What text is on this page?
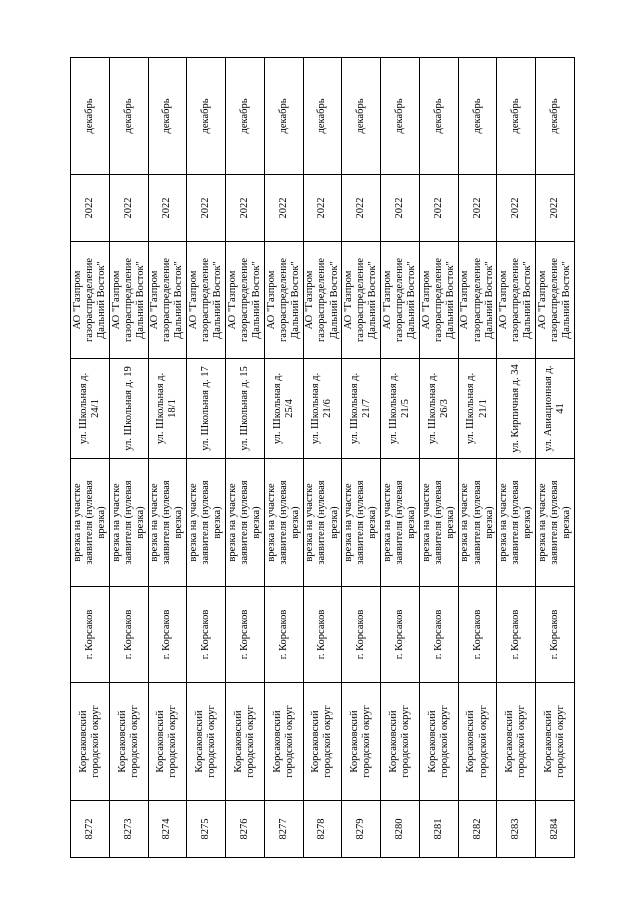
8272	Корсаковский городской округ	г. Корсаков	врезка на участке заявителя (нулевая врезка)	ул. Школьная д. 24/1	АО "Газпром газораспределение Дальний Восток"	2022	декабрь
8273	Корсаковский городской округ	г. Корсаков	врезка на участке заявителя (нулевая врезка)	ул. Школьная д. 19	АО "Газпром газораспределение Дальний Восток"	2022	декабрь
8274	Корсаковский городской округ	г. Корсаков	врезка на участке заявителя (нулевая врезка)	ул. Школьная д. 18/1	АО "Газпром газораспределение Дальний Восток"	2022	декабрь
8275	Корсаковский городской округ	г. Корсаков	врезка на участке заявителя (нулевая врезка)	ул. Школьная д. 17	АО "Газпром газораспределение Дальний Восток"	2022	декабрь
8276	Корсаковский городской округ	г. Корсаков	врезка на участке заявителя (нулевая врезка)	ул. Школьная д. 15	АО "Газпром газораспределение Дальний Восток"	2022	декабрь
8277	Корсаковский городской округ	г. Корсаков	врезка на участке заявителя (нулевая врезка)	ул. Школьная д. 25/4	АО "Газпром газораспределение Дальний Восток"	2022	декабрь
8278	Корсаковский городской округ	г. Корсаков	врезка на участке заявителя (нулевая врезка)	ул. Школьная д. 21/6	АО "Газпром газораспределение Дальний Восток"	2022	декабрь
8279	Корсаковский городской округ	г. Корсаков	врезка на участке заявителя (нулевая врезка)	ул. Школьная д. 21/7	АО "Газпром газораспределение Дальний Восток"	2022	декабрь
8280	Корсаковский городской округ	г. Корсаков	врезка на участке заявителя (нулевая врезка)	ул. Школьная д. 21/5	АО "Газпром газораспределение Дальний Восток"	2022	декабрь
8281	Корсаковский городской округ	г. Корсаков	врезка на участке заявителя (нулевая врезка)	ул. Школьная д. 26/3	АО "Газпром газораспределение Дальний Восток"	2022	декабрь
8282	Корсаковский городской округ	г. Корсаков	врезка на участке заявителя (нулевая врезка)	ул. Школьная д. 21/1	АО "Газпром газораспределение Дальний Восток"	2022	декабрь
8283	Корсаковский городской округ	г. Корсаков	врезка на участке заявителя (нулевая врезка)	ул. Кирпичная д. 34	АО "Газпром газораспределение Дальний Восток"	2022	декабрь
8284	Корсаковский городской округ	г. Корсаков	врезка на участке заявителя (нулевая врезка)	ул. Авиационная д. 41	АО "Газпром газораспределение Дальний Восток"	2022	декабрь
